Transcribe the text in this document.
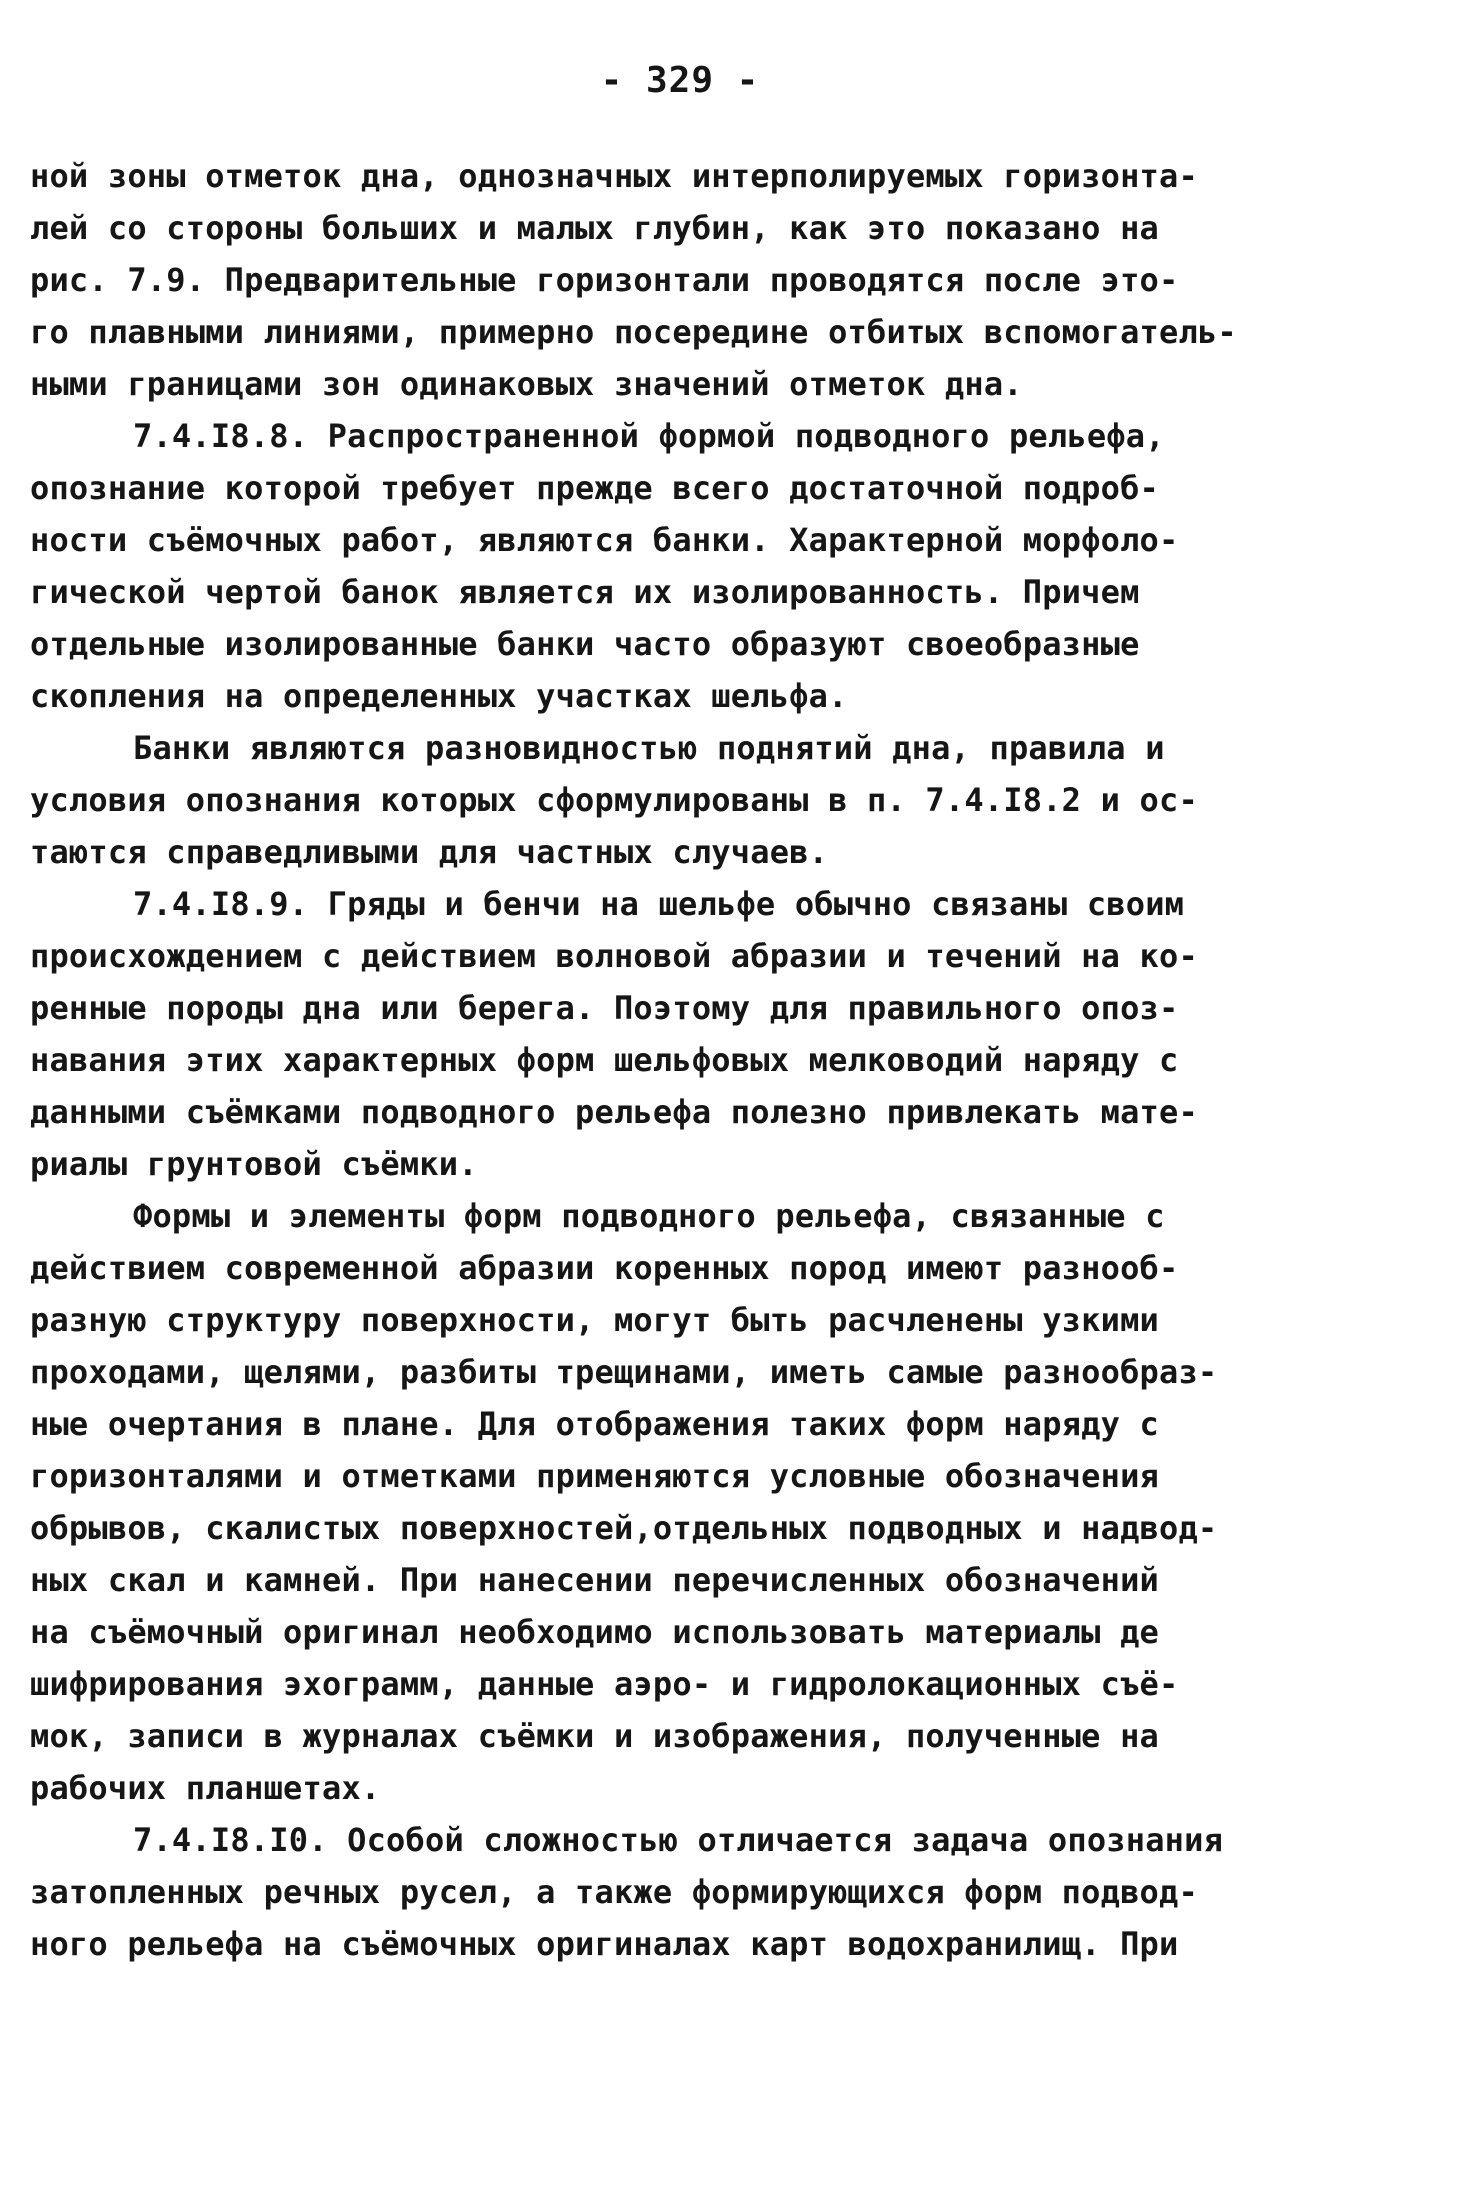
- 329 -
ной зоны отметок дна, однозначных интерполируемых горизонта-
лей со стороны больших и малых глубин, как это показано на
рис. 7.9. Предварительные горизонтали проводятся после это-
го плавными линиями, примерно посередине отбитых вспомогатель-
ными границами зон одинаковых значений отметок дна.
7.4.I8.8. Распространенной формой подводного рельефа,
опознание которой требует прежде всего достаточной подроб-
ности съёмочных работ, являются банки. Характерной морфоло-
гической чертой банок является их изолированность. Причем
отдельные изолированные банки часто образуют своеобразные
скопления на определенных участках шельфа.
Банки являются разновидностью поднятий дна, правила и
условия опознания которых сформулированы в п. 7.4.I8.2 и ос-
таются справедливыми для частных случаев.
7.4.I8.9. Гряды и бенчи на шельфе обычно связаны своим
происхождением с действием волновой абразии и течений на ко-
ренные породы дна или берега. Поэтому для правильного опоз-
навания этих характерных форм шельфовых мелководий наряду с
данными съёмками подводного рельефа полезно привлекать мате-
риалы грунтовой съёмки.
Формы и элементы форм подводного рельефа, связанные с
действием современной абразии коренных пород имеют разнооб-
разную структуру поверхности, могут быть расчленены узкими
проходами, щелями, разбиты трещинами, иметь самые разнообраз-
ные очертания в плане. Для отображения таких форм наряду с
горизонталями и отметками применяются условные обозначения
обрывов, скалистых поверхностей,отдельных подводных и надвод-
ных скал и камней. При нанесении перечисленных обозначений
на съёмочный оригинал необходимо использовать материалы де
шифрирования эхограмм, данные аэро- и гидролокационных съё-
мок, записи в журналах съёмки и изображения, полученные на
рабочих планшетах.
7.4.I8.I0. Особой сложностью отличается задача опознания
затопленных речных русел, а также формирующихся форм подвод-
ного рельефа на съёмочных оригиналах карт водохранилищ. При
